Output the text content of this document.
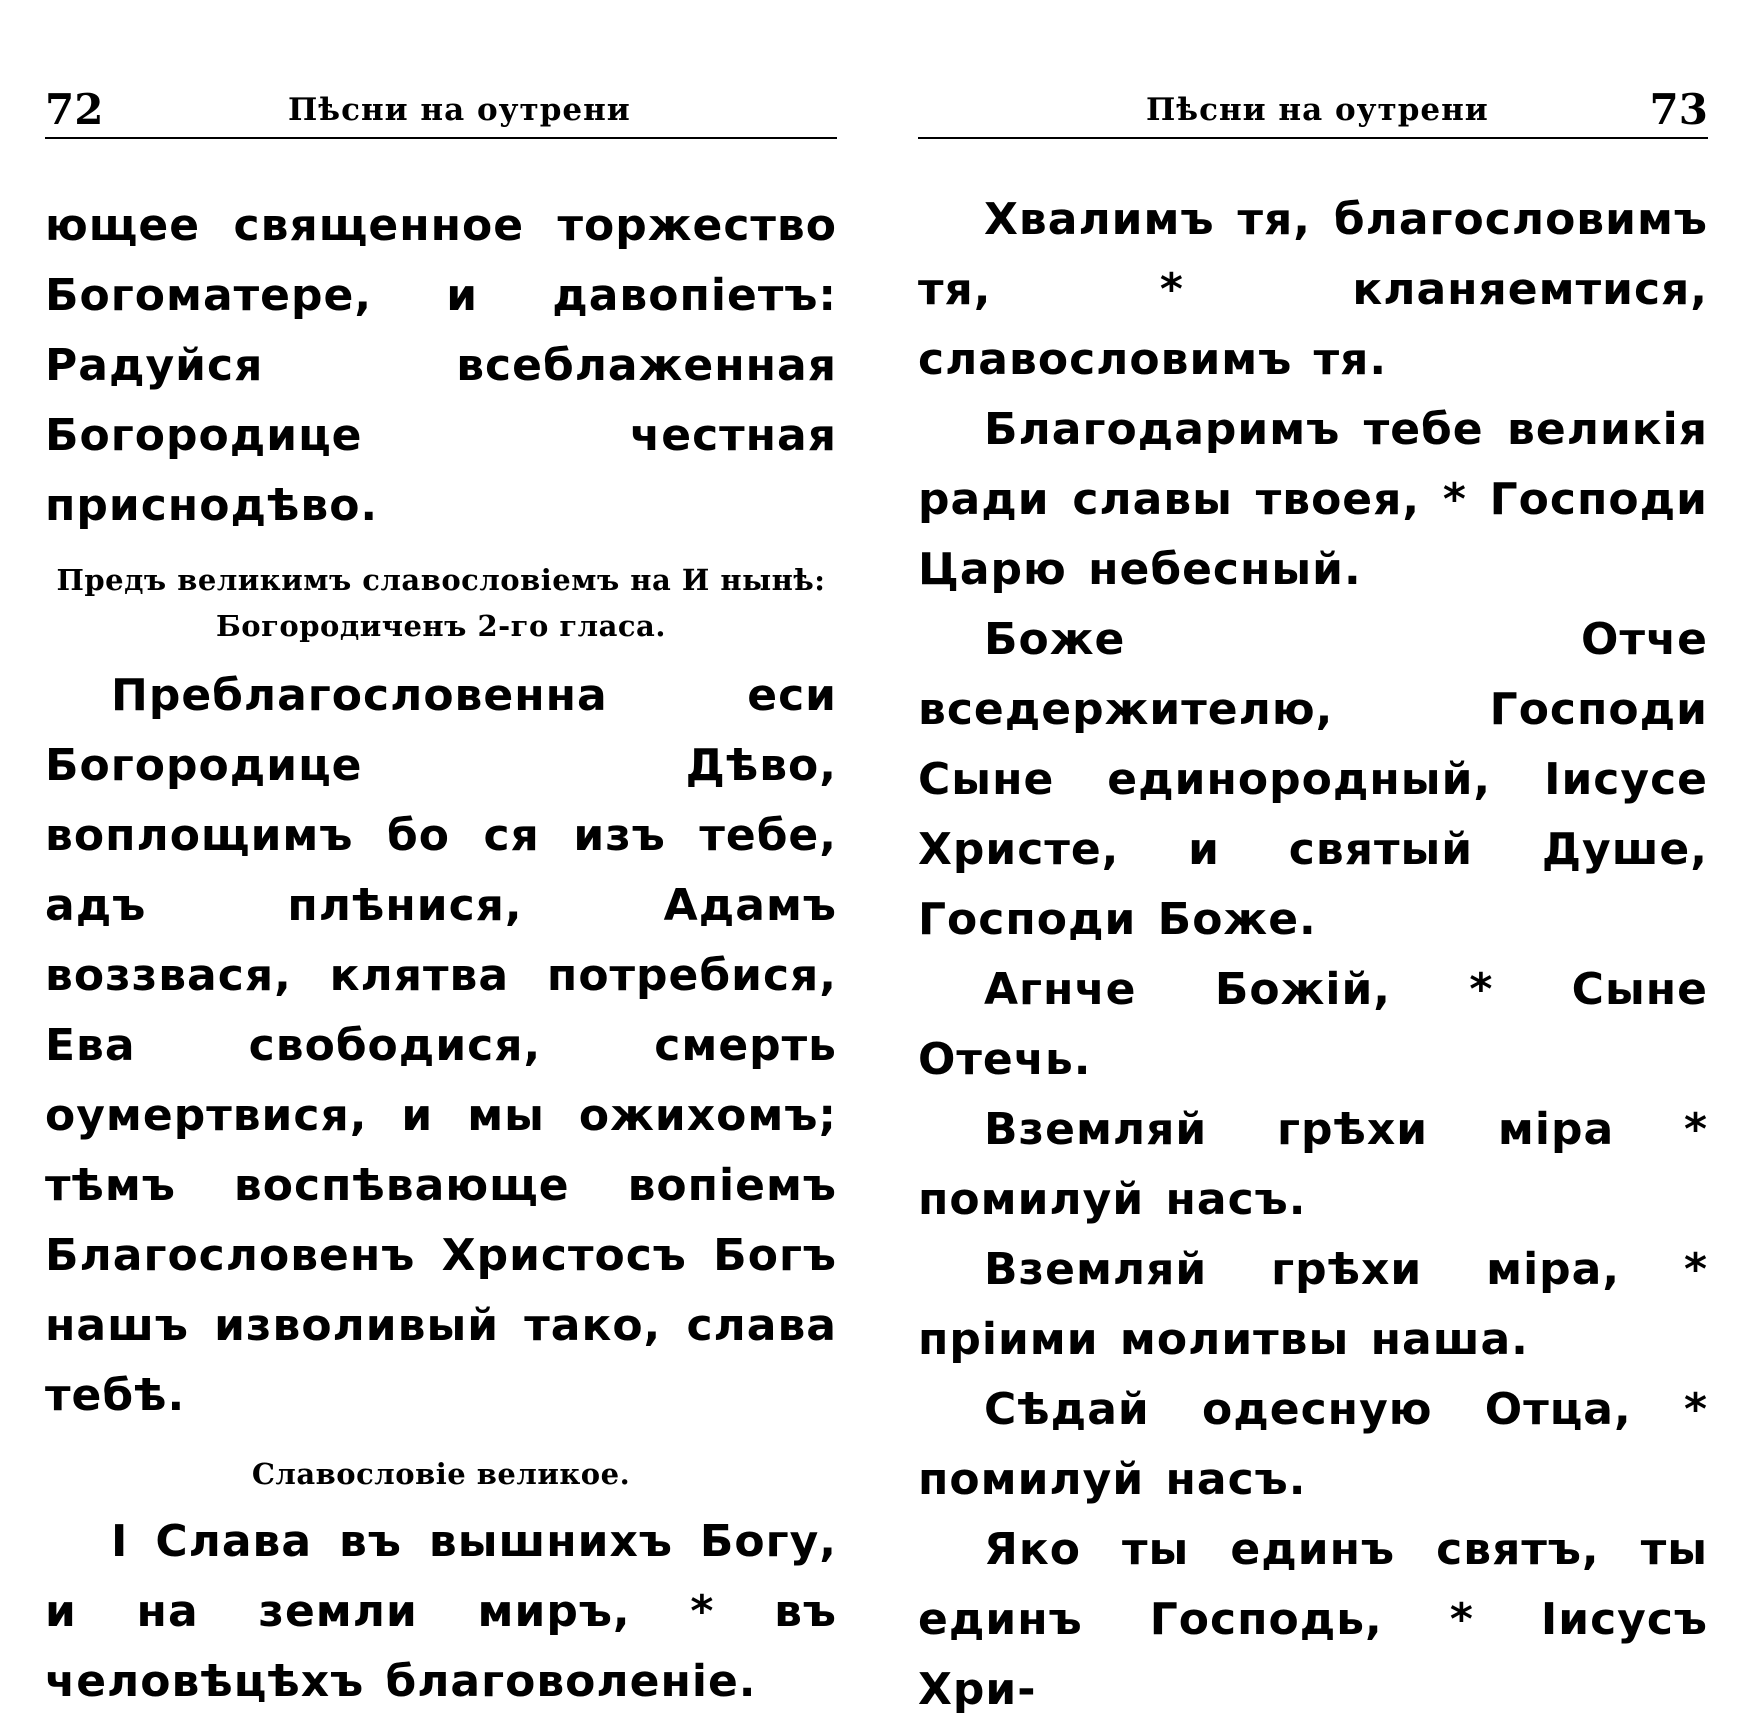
72	Пѣсни на оутрени

ющее священное торжество Богоматере, и давопіетъ: Радуйся всеблаженная Богородице честная приснодѣво.

Предъ великимъ славословіемъ на И нынѣ: Богородиченъ 2-го гласа.

Преблагословенна еси Богородице Дѣво, воплощимъ бо ся изъ тебе, адъ плѣнися, Адамъ воззвася, клятва потребися, Ева свободися, смерть оумертвися, и мы ожихомъ; тѣмъ воспѣвающе вопіемъ Благословенъ Христосъ Богъ нашъ изволивый тако, слава тебѣ.

Славословіе великое.

І Слава въ вышнихъ Богу, и на земли миръ, * въ человѣцѣхъ благоволеніе.

Пѣсни на оутрени	73

Хвалимъ тя, благословимъ тя, * кланяемтися, славословимъ тя.

Благодаримъ тебе великія ради славы твоея, * Господи Царю небесный.

Боже Отче вседержителю, Господи Сыне единородный, Іисусе Христе, и святый Душе, Господи Боже.

Агнче Божій, * Сыне Отечь.

Вземляй грѣхи міра * помилуй насъ.

Вземляй грѣхи міра, * пріими молитвы наша.

Сѣдай одесную Отца, * помилуй насъ.

Яко ты единъ святъ, ты единъ Господь, * Іисусъ Хри-
